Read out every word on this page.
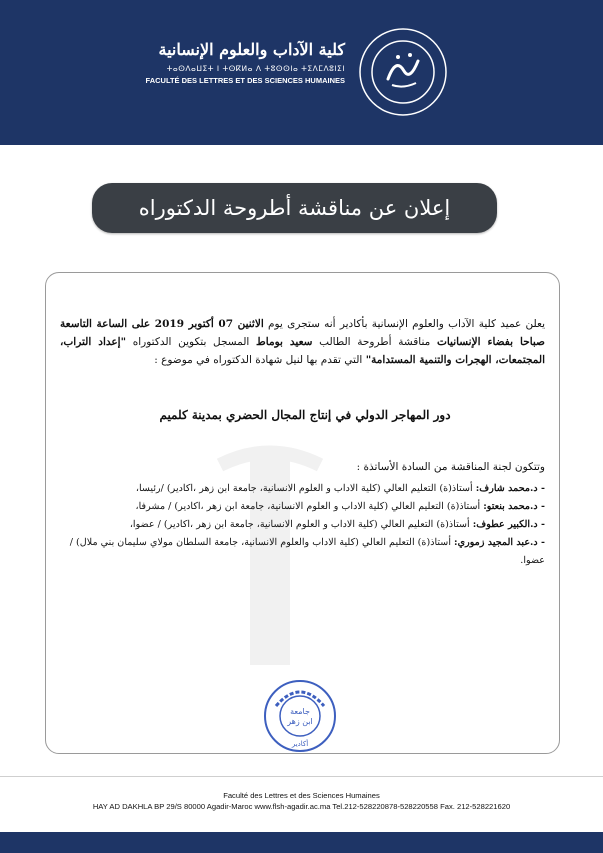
كلية الآداب والعلوم الإنسانية
ⵜⴰⵙⴷⴰⵡⵉⵜ ⵏ ⵜⵙⴽⵍⴰ ⴷ ⵜⵓⵙⵙⵏⴰ ⵜⵉⴷⵎⴷⵓⵏⵉⵏ
FACULTÉ DES LETTRES ET DES SCIENCES HUMAINES
إعلان عن مناقشة أطروحة الدكتوراه

يعلن عميد كلية الآداب والعلوم الإنسانية بأكادير أنه ستجرى يوم الاثنين 07 أكتوبر 2019 على الساعة التاسعة صباحا بفضاء الإنسانيات مناقشة أطروحة الطالب سعيد بوماط المسجل بتكوين الدكتوراه "إعداد التراب، المجتمعات، الهجرات والتنمية المستدامة" التي تقدم بها لنيل شهادة الدكتوراه في موضوع :

دور المهاجر الدولي في إنتاج المجال الحضري بمدينة كلميم

وتتكون لجنة المناقشة من السادة الأساتذة :

- د.محمد شارف: أستاذ(ة) التعليم العالي (كلية الاداب و العلوم الانسانية، جامعة ابن زهر ،اكادير) /رئيسا،

- د.محمد بنعتو: أستاذ(ة) التعليم العالي (كلية الاداب و العلوم الانسانية، جامعة ابن زهر ،اكادير) / مشرفا،

- د.الكبير عطوف: أستاذ(ة) التعليم العالي (كلية الاداب و العلوم الانسانية، جامعة ابن زهر ،اكادير) / عضوا،

- د.عبد المجيد زموري: أستاذ(ة) التعليم العالي (كلية الاداب والعلوم الانسانية، جامعة السلطان مولاي سليمان بني ملال) / عضوا.

جامعة
ابن زهر
أكادير
Faculté des Lettres et des Sciences Humaines
HAY AD DAKHLA BP 29/S 80000 Agadir-Maroc www.flsh-agadir.ac.ma Tel.212-528220878-528220558 Fax. 212-528221620
